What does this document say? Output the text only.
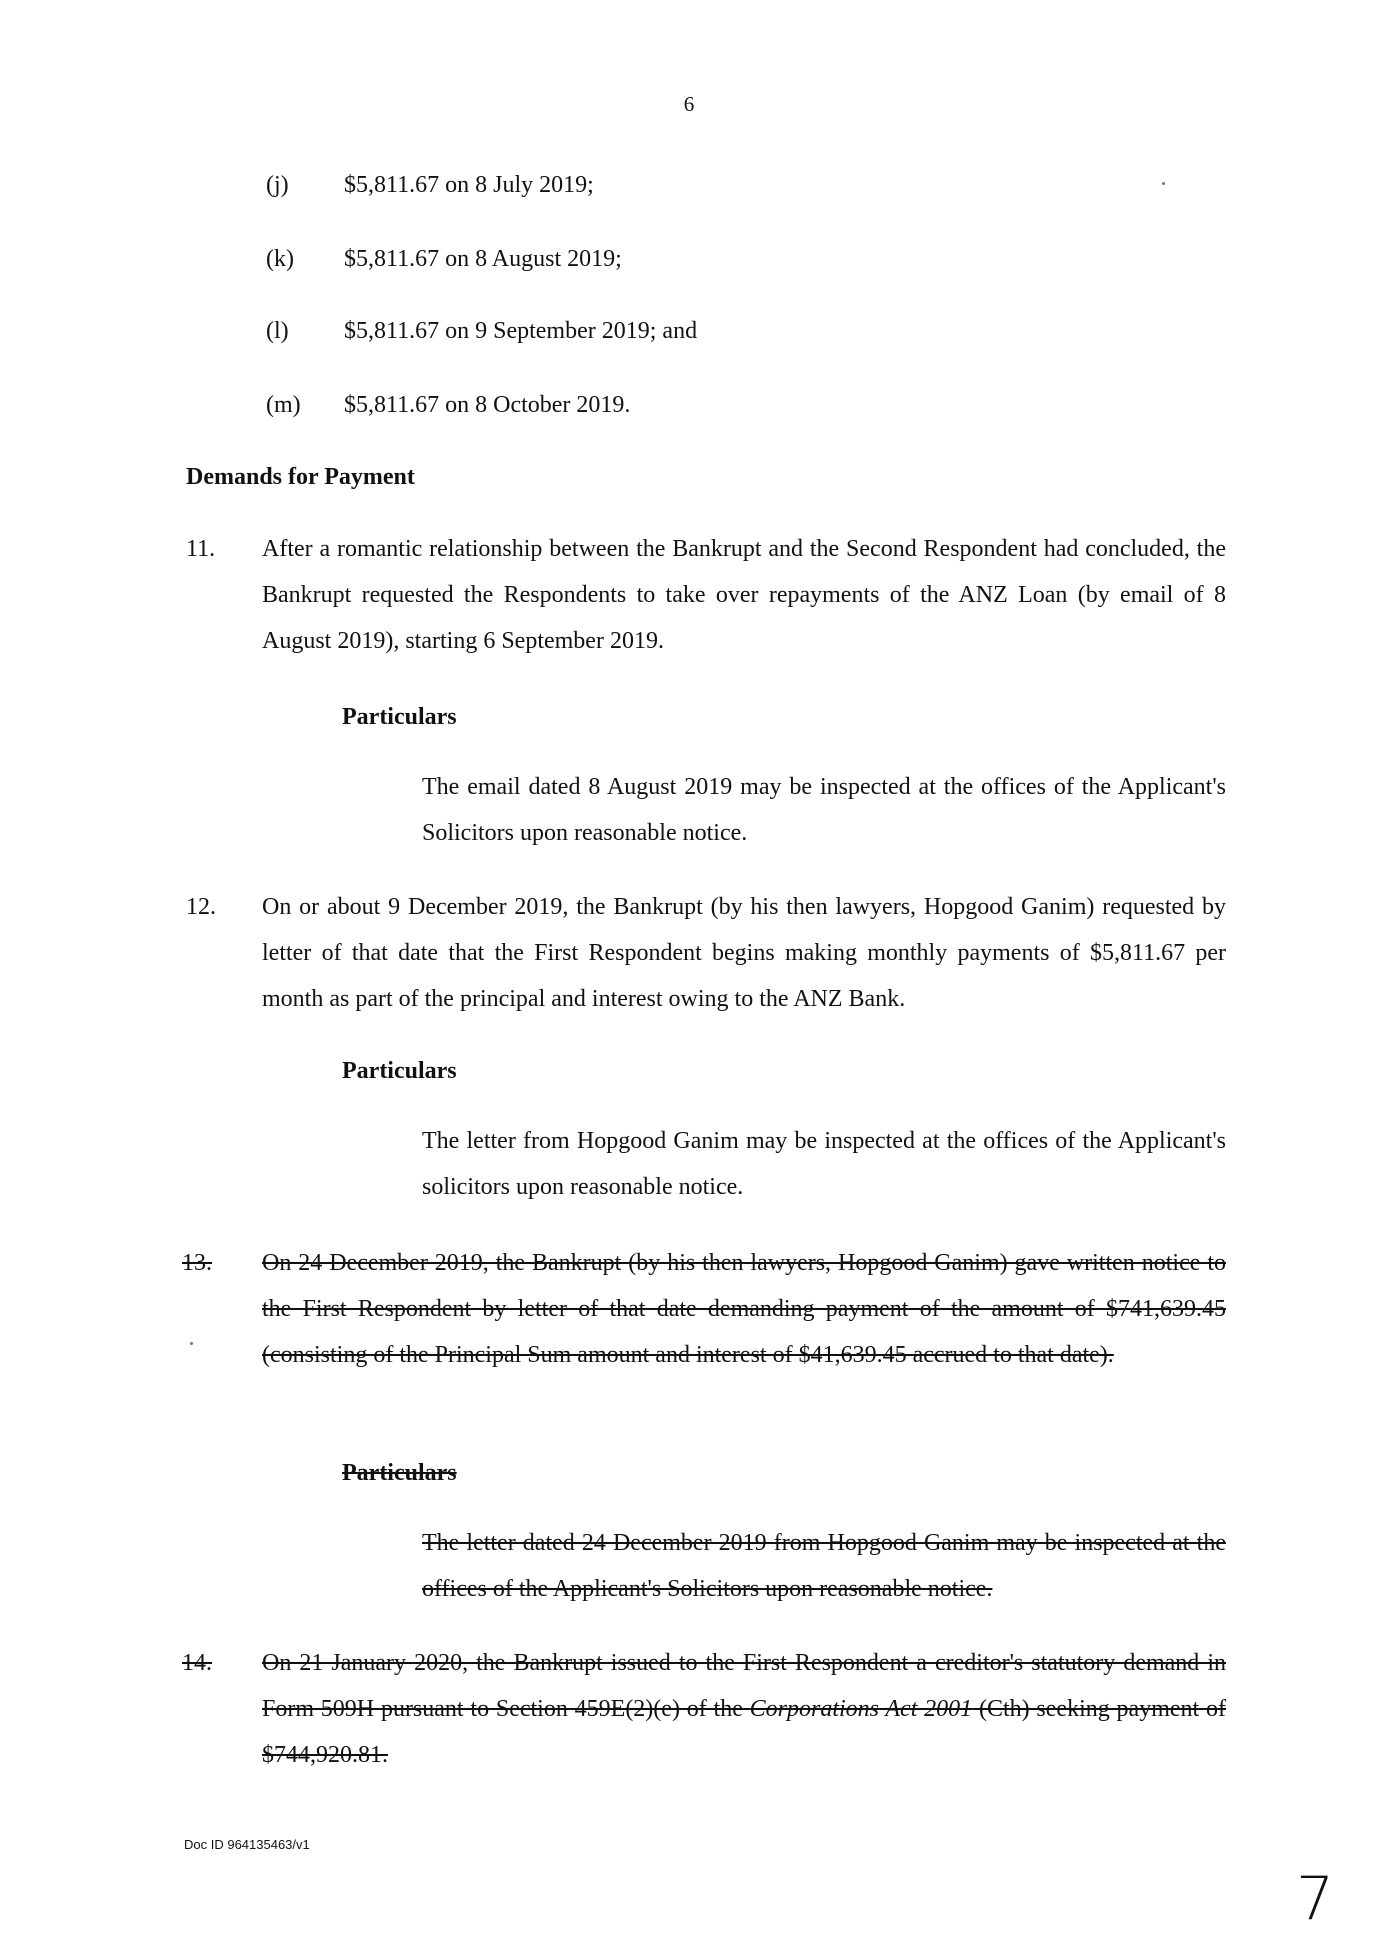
6
(j) $5,811.67 on 8 July 2019;
(k) $5,811.67 on 8 August 2019;
(l) $5,811.67 on 9 September 2019; and
(m) $5,811.67 on 8 October 2019.
Demands for Payment
11. After a romantic relationship between the Bankrupt and the Second Respondent had concluded, the Bankrupt requested the Respondents to take over repayments of the ANZ Loan (by email of 8 August 2019), starting 6 September 2019.
Particulars
The email dated 8 August 2019 may be inspected at the offices of the Applicant's Solicitors upon reasonable notice.
12. On or about 9 December 2019, the Bankrupt (by his then lawyers, Hopgood Ganim) requested by letter of that date that the First Respondent begins making monthly payments of $5,811.67 per month as part of the principal and interest owing to the ANZ Bank.
Particulars
The letter from Hopgood Ganim may be inspected at the offices of the Applicant's solicitors upon reasonable notice.
13. On 24 December 2019, the Bankrupt (by his then lawyers, Hopgood Ganim) gave written notice to the First Respondent by letter of that date demanding payment of the amount of $741,639.45 (consisting of the Principal Sum amount and interest of $41,639.45 accrued to that date).
Particulars
The letter dated 24 December 2019 from Hopgood Ganim may be inspected at the offices of the Applicant's Solicitors upon reasonable notice.
14. On 21 January 2020, the Bankrupt issued to the First Respondent a creditor's statutory demand in Form 509H pursuant to Section 459E(2)(e) of the Corporations Act 2001 (Cth) seeking payment of $744,920.81.
Doc ID 964135463/v1
7
